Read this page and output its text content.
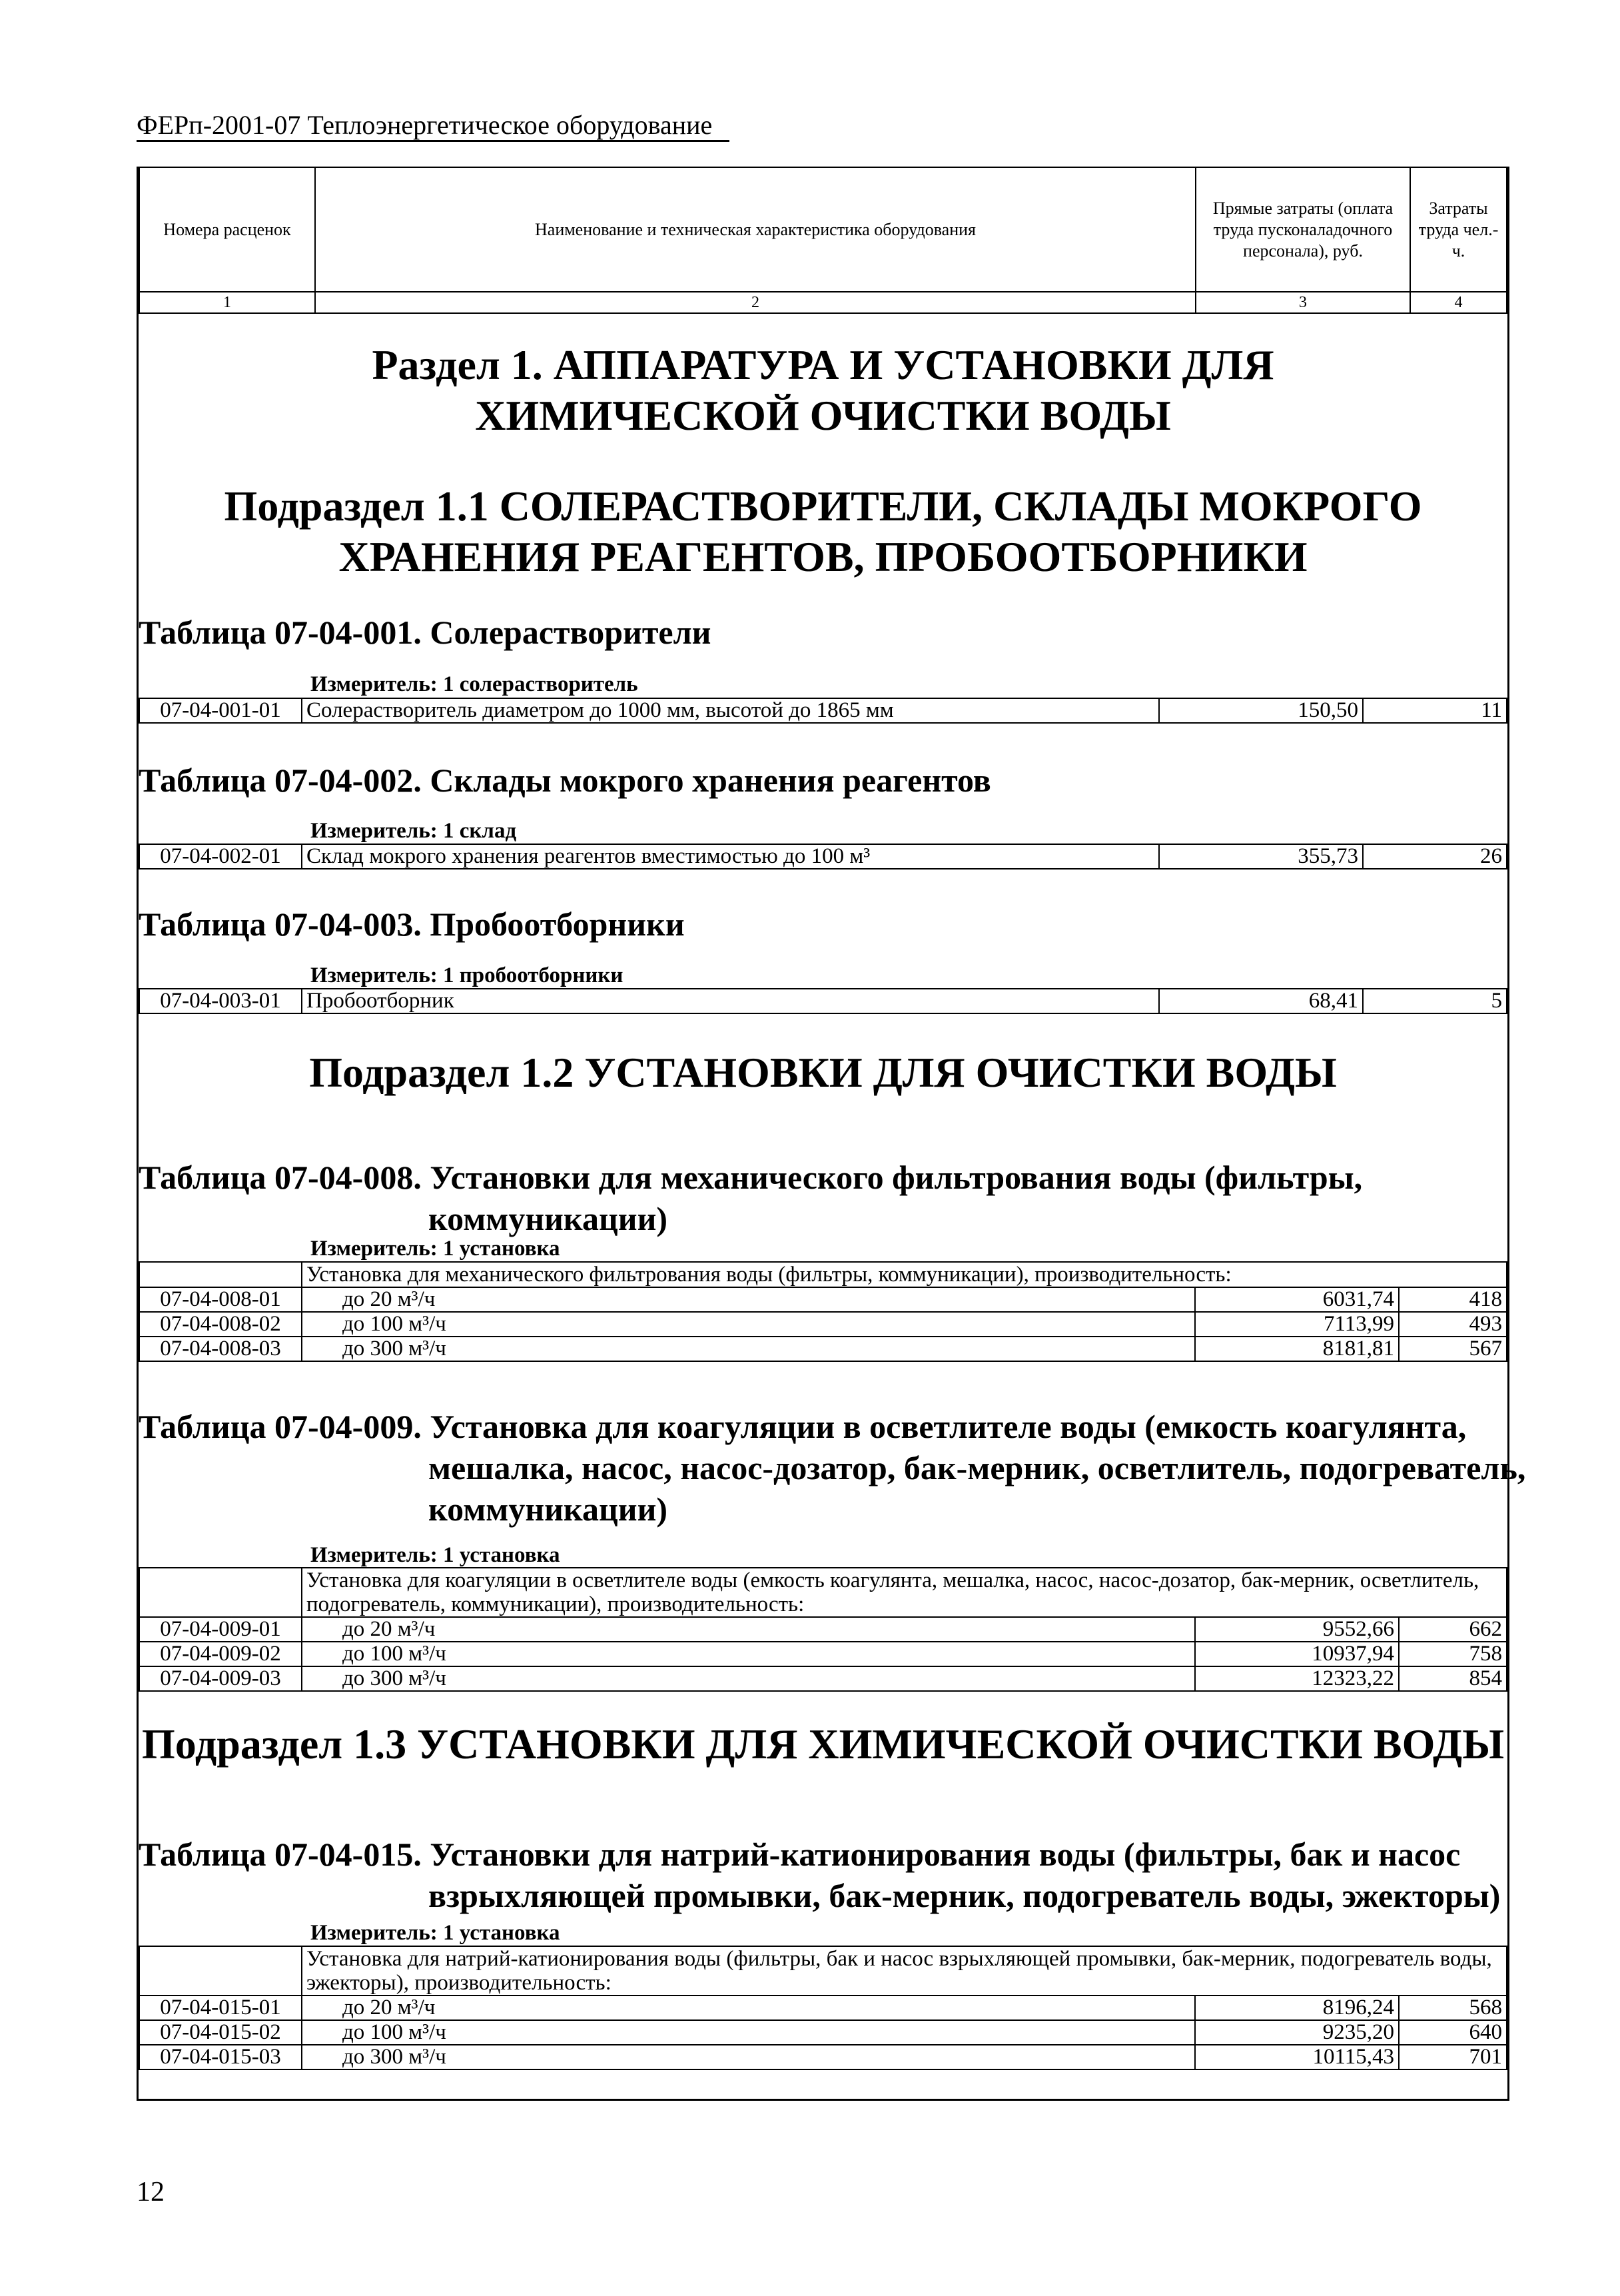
ФЕРп-2001-07 Теплоэнергетическое оборудование
Номера расценок	Наименование и техническая характеристика оборудования	Прямые затраты (оплата труда пусконаладочного персонала), руб.	Затраты труда чел.-ч.
1	2	3	4
Раздел 1. АППАРАТУРА И УСТАНОВКИ ДЛЯ ХИМИЧЕСКОЙ ОЧИСТКИ ВОДЫ
Подраздел 1.1 СОЛЕРАСТВОРИТЕЛИ, СКЛАДЫ МОКРОГО ХРАНЕНИЯ РЕАГЕНТОВ, ПРОБООТБОРНИКИ
Таблица 07-04-001. Солерастворители
Измеритель: 1 солерастворитель
07-04-001-01	Солерастворитель диаметром до 1000 мм, высотой до 1865 мм	150,50	11
Таблица 07-04-002. Склады мокрого хранения реагентов
Измеритель: 1 склад
07-04-002-01	Склад мокрого хранения реагентов вместимостью до 100 м³	355,73	26
Таблица 07-04-003. Пробоотборники
Измеритель: 1 пробоотборники
07-04-003-01	Пробоотборник	68,41	5
Подраздел 1.2 УСТАНОВКИ ДЛЯ ОЧИСТКИ ВОДЫ
Таблица 07-04-008. Установки для механического фильтрования воды (фильтры,
коммуникации)
Измеритель: 1 установка
	Установка для механического фильтрования воды (фильтры, коммуникации), производительность:		
07-04-008-01	до 20 м³/ч	6031,74	418
07-04-008-02	до 100 м³/ч	7113,99	493
07-04-008-03	до 300 м³/ч	8181,81	567
Таблица 07-04-009. Установка для коагуляции в осветлителе воды (емкость коагулянта,
мешалка, насос, насос-дозатор, бак-мерник, осветлитель, подогреватель,
коммуникации)
Измеритель: 1 установка
	Установка для коагуляции в осветлителе воды (емкость коагулянта, мешалка, насос, насос-дозатор, бак-мерник, осветлитель, подогреватель, коммуникации), производительность:		
07-04-009-01	до 20 м³/ч	9552,66	662
07-04-009-02	до 100 м³/ч	10937,94	758
07-04-009-03	до 300 м³/ч	12323,22	854
Подраздел 1.3 УСТАНОВКИ ДЛЯ ХИМИЧЕСКОЙ ОЧИСТКИ ВОДЫ
Таблица 07-04-015. Установки для натрий-катионирования воды (фильтры, бак и насос
взрыхляющей промывки, бак-мерник, подогреватель воды, эжекторы)
Измеритель: 1 установка
	Установка для натрий-катионирования воды (фильтры, бак и насос взрыхляющей промывки, бак-мерник, подогреватель воды, эжекторы), производительность:		
07-04-015-01	до 20 м³/ч	8196,24	568
07-04-015-02	до 100 м³/ч	9235,20	640
07-04-015-03	до 300 м³/ч	10115,43	701
12
